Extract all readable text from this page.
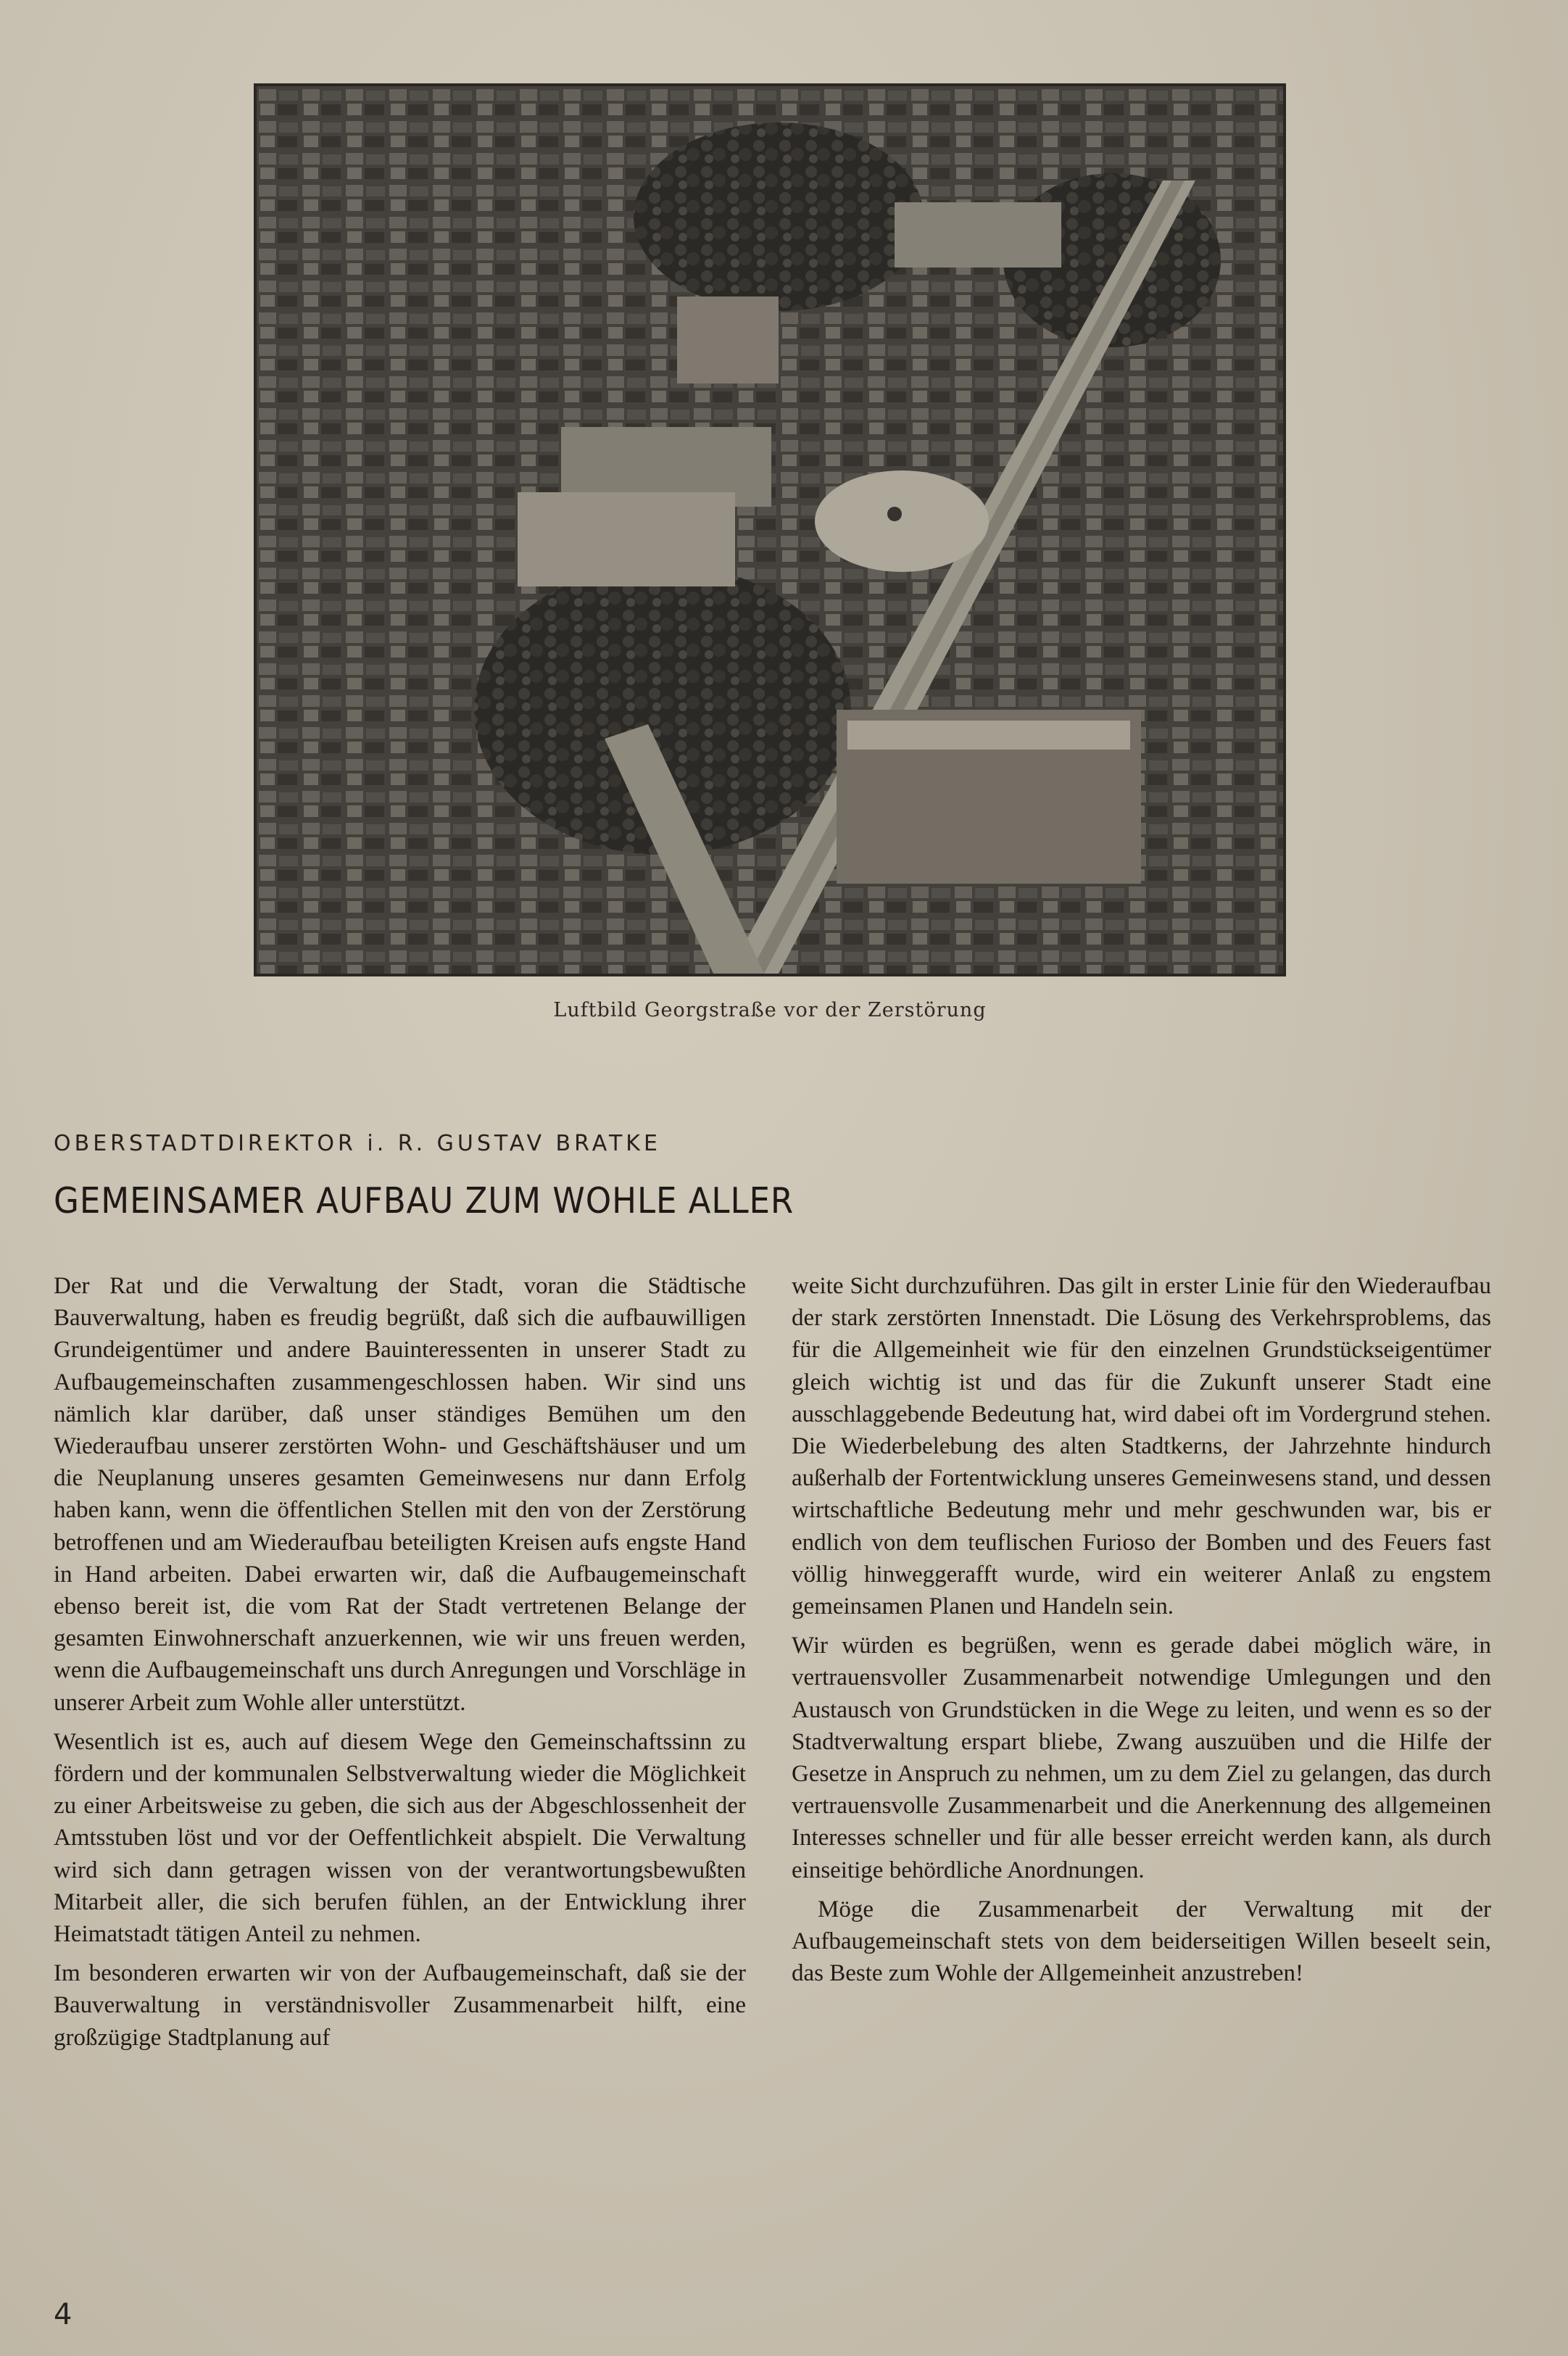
Luftbild Georgstraße vor der Zerstörung
OBERSTADTDIREKTOR i. R. GUSTAV BRATKE
GEMEINSAMER AUFBAU ZUM WOHLE ALLER

Der Rat und die Verwaltung der Stadt, voran die Städtische Bauverwaltung, haben es freudig begrüßt, daß sich die aufbauwilligen Grundeigentümer und andere Bauinteressenten in unserer Stadt zu Aufbaugemeinschaften zusammengeschlossen haben. Wir sind uns nämlich klar darüber, daß unser ständiges Bemühen um den Wiederaufbau unserer zerstörten Wohn- und Geschäftshäuser und um die Neuplanung unseres gesamten Gemeinwesens nur dann Erfolg haben kann, wenn die öffentlichen Stellen mit den von der Zerstörung betroffenen und am Wiederaufbau beteiligten Kreisen aufs engste Hand in Hand arbeiten. Dabei erwarten wir, daß die Aufbaugemeinschaft ebenso bereit ist, die vom Rat der Stadt vertretenen Belange der gesamten Einwohnerschaft anzuerkennen, wie wir uns freuen werden, wenn die Aufbaugemeinschaft uns durch Anregungen und Vorschläge in unserer Arbeit zum Wohle aller unterstützt.

Wesentlich ist es, auch auf diesem Wege den Gemeinschaftssinn zu fördern und der kommunalen Selbstverwaltung wieder die Möglichkeit zu einer Arbeitsweise zu geben, die sich aus der Abgeschlossenheit der Amtsstuben löst und vor der Oeffentlichkeit abspielt. Die Verwaltung wird sich dann getragen wissen von der verantwortungsbewußten Mitarbeit aller, die sich berufen fühlen, an der Entwicklung ihrer Heimatstadt tätigen Anteil zu nehmen.

Im besonderen erwarten wir von der Aufbaugemeinschaft, daß sie der Bauverwaltung in verständnisvoller Zusammenarbeit hilft, eine großzügige Stadtplanung auf

weite Sicht durchzuführen. Das gilt in erster Linie für den Wiederaufbau der stark zerstörten Innenstadt. Die Lösung des Verkehrsproblems, das für die Allgemeinheit wie für den einzelnen Grundstückseigentümer gleich wichtig ist und das für die Zukunft unserer Stadt eine ausschlaggebende Bedeutung hat, wird dabei oft im Vordergrund stehen. Die Wiederbelebung des alten Stadtkerns, der Jahrzehnte hindurch außerhalb der Fortentwicklung unseres Gemeinwesens stand, und dessen wirtschaftliche Bedeutung mehr und mehr geschwunden war, bis er endlich von dem teuflischen Furioso der Bomben und des Feuers fast völlig hinweggerafft wurde, wird ein weiterer Anlaß zu engstem gemeinsamen Planen und Handeln sein.

Wir würden es begrüßen, wenn es gerade dabei möglich wäre, in vertrauensvoller Zusammenarbeit notwendige Umlegungen und den Austausch von Grundstücken in die Wege zu leiten, und wenn es so der Stadtverwaltung erspart bliebe, Zwang auszuüben und die Hilfe der Gesetze in Anspruch zu nehmen, um zu dem Ziel zu gelangen, das durch vertrauensvolle Zusammenarbeit und die Anerkennung des allgemeinen Interesses schneller und für alle besser erreicht werden kann, als durch einseitige behördliche Anordnungen.

Möge die Zusammenarbeit der Verwaltung mit der Aufbaugemeinschaft stets von dem beiderseitigen Willen beseelt sein, das Beste zum Wohle der Allgemeinheit anzustreben!

4
